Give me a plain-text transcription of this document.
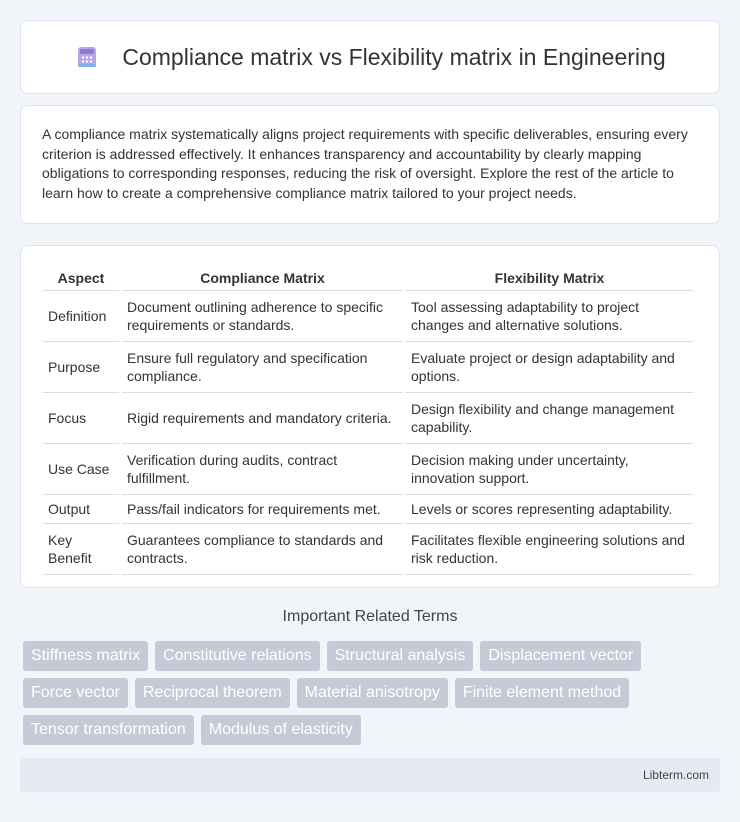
Compliance matrix vs Flexibility matrix in Engineering

A compliance matrix systematically aligns project requirements with specific deliverables, ensuring every criterion is addressed effectively. It enhances transparency and accountability by clearly mapping obligations to corresponding responses, reducing the risk of oversight. Explore the rest of the article to learn how to create a comprehensive compliance matrix tailored to your project needs.

Aspect	Compliance Matrix	Flexibility Matrix
Definition	Document outlining adherence to specific requirements or standards.	Tool assessing adaptability to project changes and alternative solutions.
Purpose	Ensure full regulatory and specification compliance.	Evaluate project or design adaptability and options.
Focus	Rigid requirements and mandatory criteria.	Design flexibility and change management capability.
Use Case	Verification during audits, contract fulfillment.	Decision making under uncertainty, innovation support.
Output	Pass/fail indicators for requirements met.	Levels or scores representing adaptability.
Key Benefit	Guarantees compliance to standards and contracts.	Facilitates flexible engineering solutions and risk reduction.
Important Related Terms
Stiffness matrix	Constitutive relations	Structural analysis	Displacement vector
Force vector	Reciprocal theorem	Material anisotropy	Finite element method
Tensor transformation	Modulus of elasticity
Libterm.com
